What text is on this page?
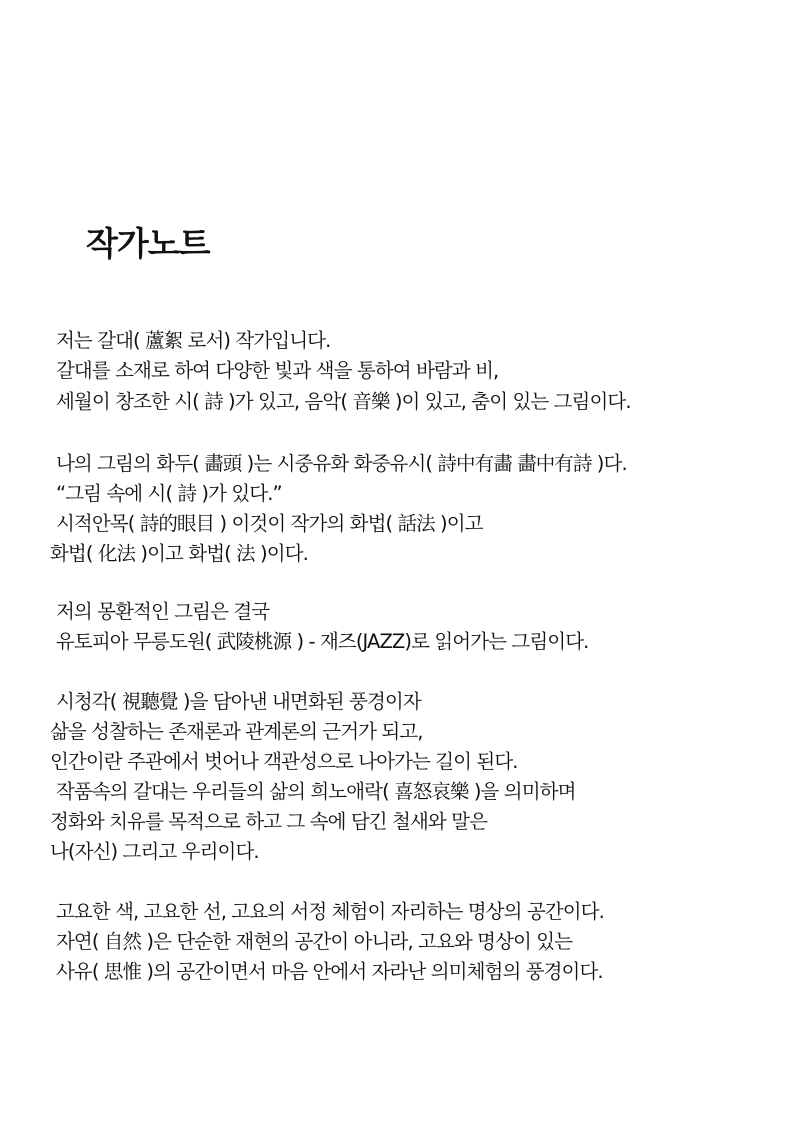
작가노트
저는 갈대( 蘆絮 로서) 작가입니다.
갈대를 소재로 하여 다양한 빛과 색을 통하여 바람과 비,
세월이 창조한 시( 詩 )가 있고, 음악( 音樂 )이 있고, 춤이 있는 그림이다.
나의 그림의 화두( 畵頭 )는 시중유화 화중유시( 詩中有畵 畵中有詩 )다.
“그림 속에 시( 詩 )가 있다.”
시적안목( 詩的眼目 ) 이것이 작가의 화법( 話法 )이고
화법( 化法 )이고 화법( 法 )이다.
저의 몽환적인 그림은 결국
유토피아 무릉도원( 武陵桃源 ) - 재즈(JAZZ)로 읽어가는 그림이다.
시청각( 視聽覺 )을 담아낸 내면화된 풍경이자
삶을 성찰하는 존재론과 관계론의 근거가 되고,
인간이란 주관에서 벗어나 객관성으로 나아가는 길이 된다.
작품속의 갈대는 우리들의 삶의 희노애락( 喜怒哀樂 )을 의미하며
정화와 치유를 목적으로 하고 그 속에 담긴 철새와 말은
나(자신) 그리고 우리이다.
고요한 색, 고요한 선, 고요의 서정 체험이 자리하는 명상의 공간이다.
자연( 自然 )은 단순한 재현의 공간이 아니라, 고요와 명상이 있는
사유( 思惟 )의 공간이면서 마음 안에서 자라난 의미체험의 풍경이다.
